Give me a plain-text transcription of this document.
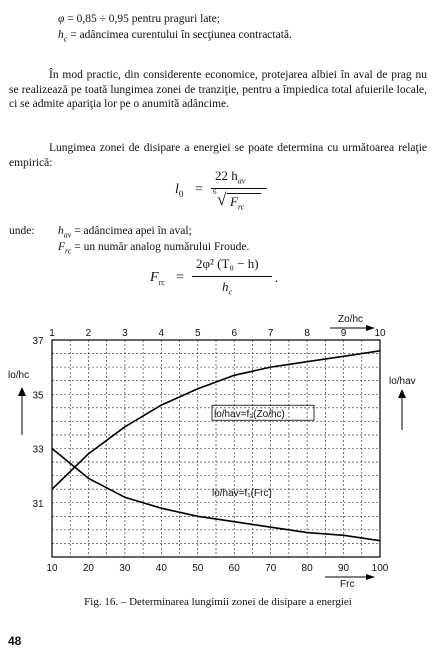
φ = 0,85 ÷ 0,95 pentru praguri late;
$h_c$ = adâncimea curentului în secţiunea contractată.
În mod practic, din considerente economice, protejarea albiei în aval de prag nu se realizează pe toată lungimea zonei de tranziţie, pentru a împiedica total afuierile locale, ci se admite apariţia lor pe o anumită adâncime.
Lungimea zonei de disipare a energiei se poate determina cu următoarea relaţie empirică:
$l_0$ =
22 $h_{av}$
6 √ $F_{rc}$
unde: $h_{av}$ = adâncimea apei în aval;
$F_{rc}$ = un număr analog numărului Froude.
$F_{rc}$ =
2φ² (T₀ − h)
$h_c$
.
10	20	30	40	50	60	70	80	90 100
1	2	3	4	5	6	7	8	9	10
37
35
33
31
lo/hav=f₂(Zo/hc)
lo/hav=f₁(Frc)
lo/hc
lo/hav
Zo/hc
Frc
Fig. 16. – Determinarea lungimii zonei de disipare a energiei
48
